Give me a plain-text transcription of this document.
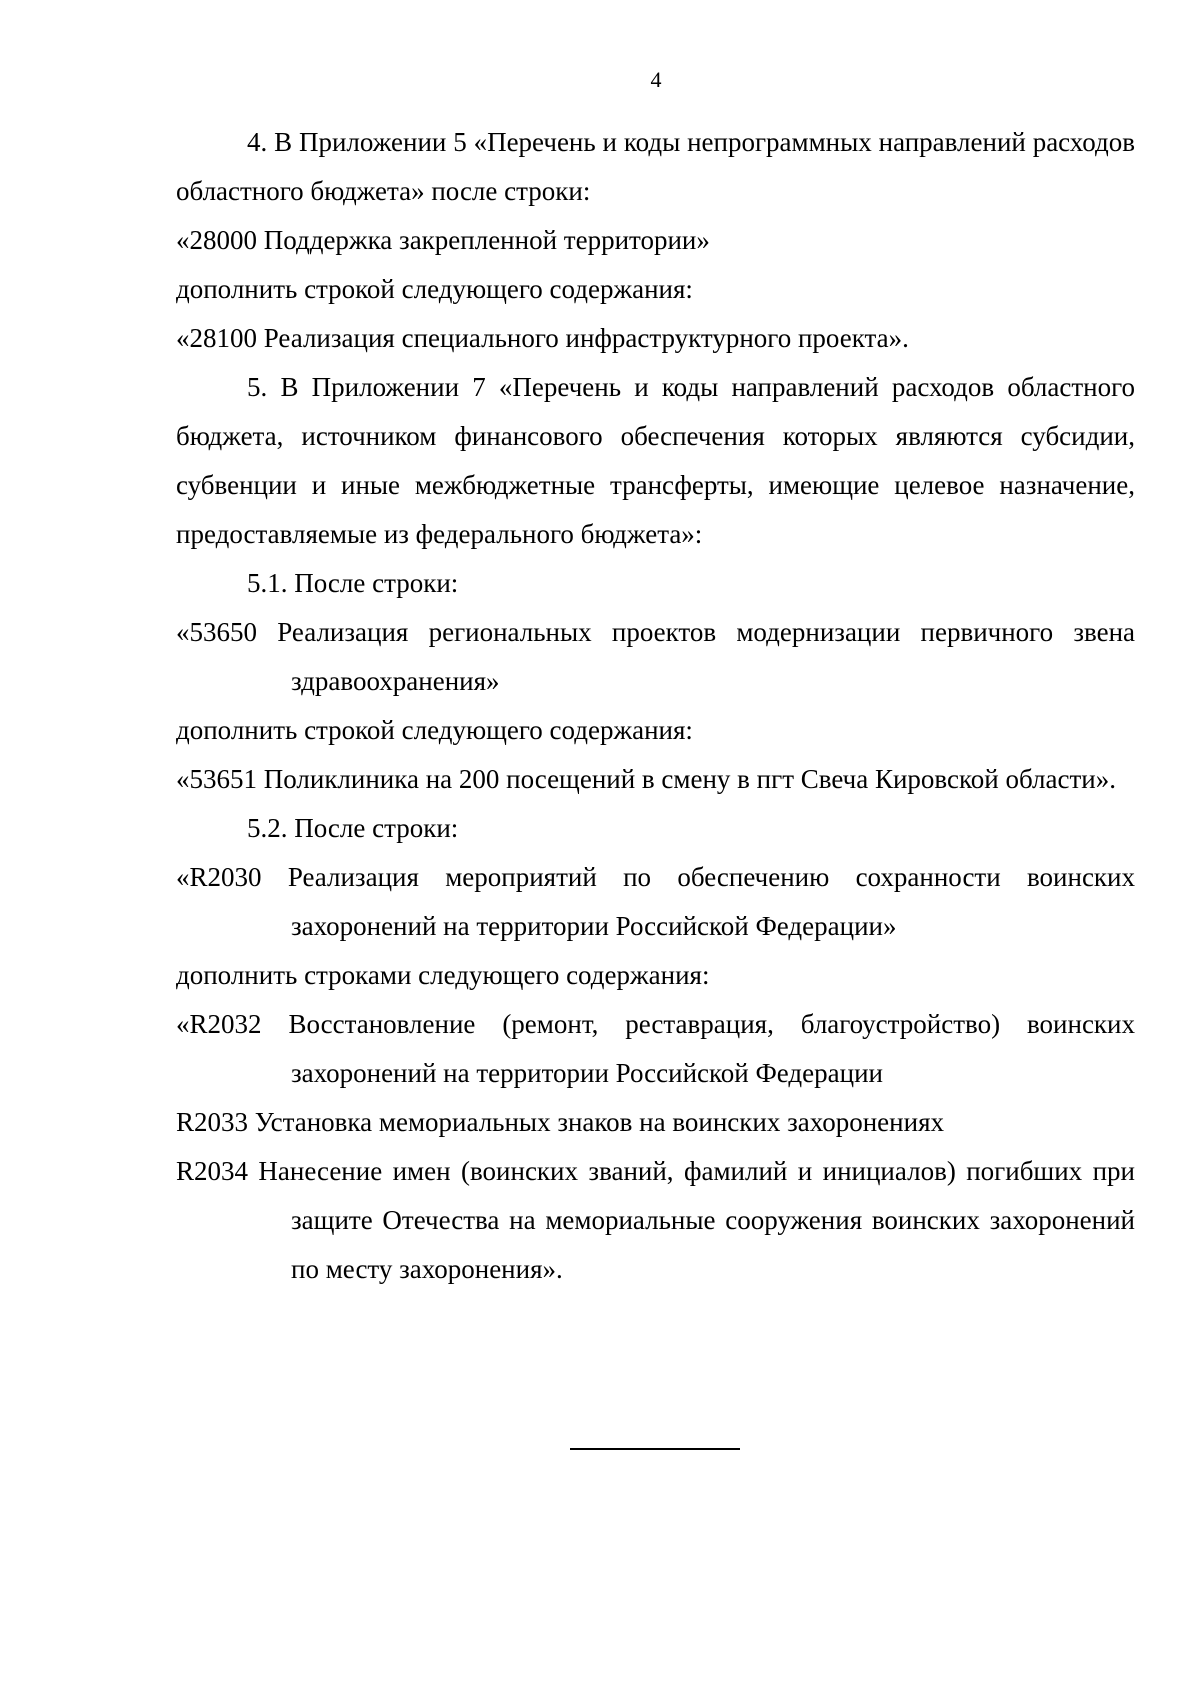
4

4. В Приложении 5 «Перечень и коды непрограммных направлений расходов областного бюджета» после строки:

«28000 Поддержка закрепленной территории»

дополнить строкой следующего содержания:

«28100 Реализация специального инфраструктурного проекта».

5. В Приложении 7 «Перечень и коды направлений расходов областного бюджета, источником финансового обеспечения которых являются субсидии, субвенции и иные межбюджетные трансферты, имеющие целевое назначение, предоставляемые из федерального бюджета»:

5.1. После строки:

«53650 Реализация региональных проектов модернизации первичного звена здравоохранения»

дополнить строкой следующего содержания:

«53651 Поликлиника на 200 посещений в смену в пгт Свеча Кировской области».

5.2. После строки:

«R2030 Реализация мероприятий по обеспечению сохранности воинских захоронений на территории Российской Федерации»

дополнить строками следующего содержания:

«R2032 Восстановление (ремонт, реставрация, благоустройство) воинских захоронений на территории Российской Федерации

R2033 Установка мемориальных знаков на воинских захоронениях

R2034 Нанесение имен (воинских званий, фамилий и инициалов) погибших при защите Отечества на мемориальные сооружения воинских захоронений по месту захоронения».
